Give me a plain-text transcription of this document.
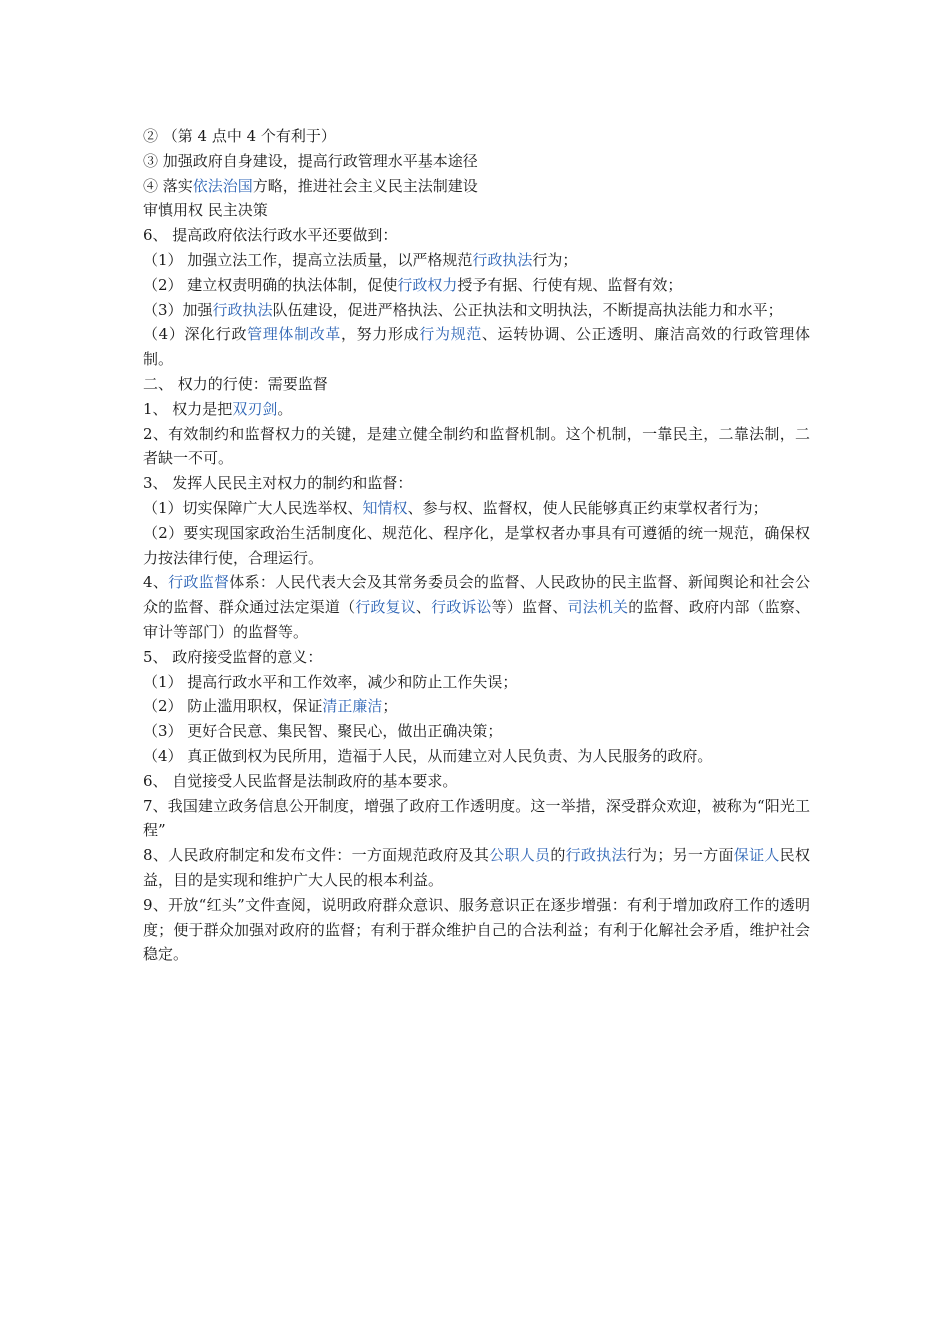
② （第 4 点中 4 个有利于）

③ 加强政府自身建设，提高行政管理水平基本途径

④ 落实依法治国方略，推进社会主义民主法制建设

审慎用权 民主决策

6、 提高政府依法行政水平还要做到：

（1） 加强立法工作，提高立法质量，以严格规范行政执法行为；

（2） 建立权责明确的执法体制，促使行政权力授予有据、行使有规、监督有效；

（3）加强行政执法队伍建设，促进严格执法、公正执法和文明执法，不断提高执法能力和水平；

（4）深化行政管理体制改革，努力形成行为规范、运转协调、公正透明、廉洁高效的行政管理体制。

二、 权力的行使：需要监督

1、 权力是把双刃剑。

2、有效制约和监督权力的关键，是建立健全制约和监督机制。这个机制，一靠民主，二靠法制，二者缺一不可。

3、 发挥人民民主对权力的制约和监督：

（1）切实保障广大人民选举权、知情权、参与权、监督权，使人民能够真正约束掌权者行为；

（2）要实现国家政治生活制度化、规范化、程序化，是掌权者办事具有可遵循的统一规范，确保权力按法律行使，合理运行。

4、行政监督体系：人民代表大会及其常务委员会的监督、人民政协的民主监督、新闻舆论和社会公众的监督、群众通过法定渠道（行政复议、行政诉讼等）监督、司法机关的监督、政府内部（监察、审计等部门）的监督等。

5、 政府接受监督的意义：

（1） 提高行政水平和工作效率，减少和防止工作失误；

（2） 防止滥用职权，保证清正廉洁；

（3） 更好合民意、集民智、聚民心，做出正确决策；

（4） 真正做到权为民所用，造福于人民，从而建立对人民负责、为人民服务的政府。

6、 自觉接受人民监督是法制政府的基本要求。

7、我国建立政务信息公开制度，增强了政府工作透明度。这一举措，深受群众欢迎，被称为“阳光工程”

8、人民政府制定和发布文件：一方面规范政府及其公职人员的行政执法行为；另一方面保证人民权益，目的是实现和维护广大人民的根本利益。

9、开放“红头”文件查阅，说明政府群众意识、服务意识正在逐步增强：有利于增加政府工作的透明度；便于群众加强对政府的监督；有利于群众维护自己的合法利益；有利于化解社会矛盾，维护社会稳定。
